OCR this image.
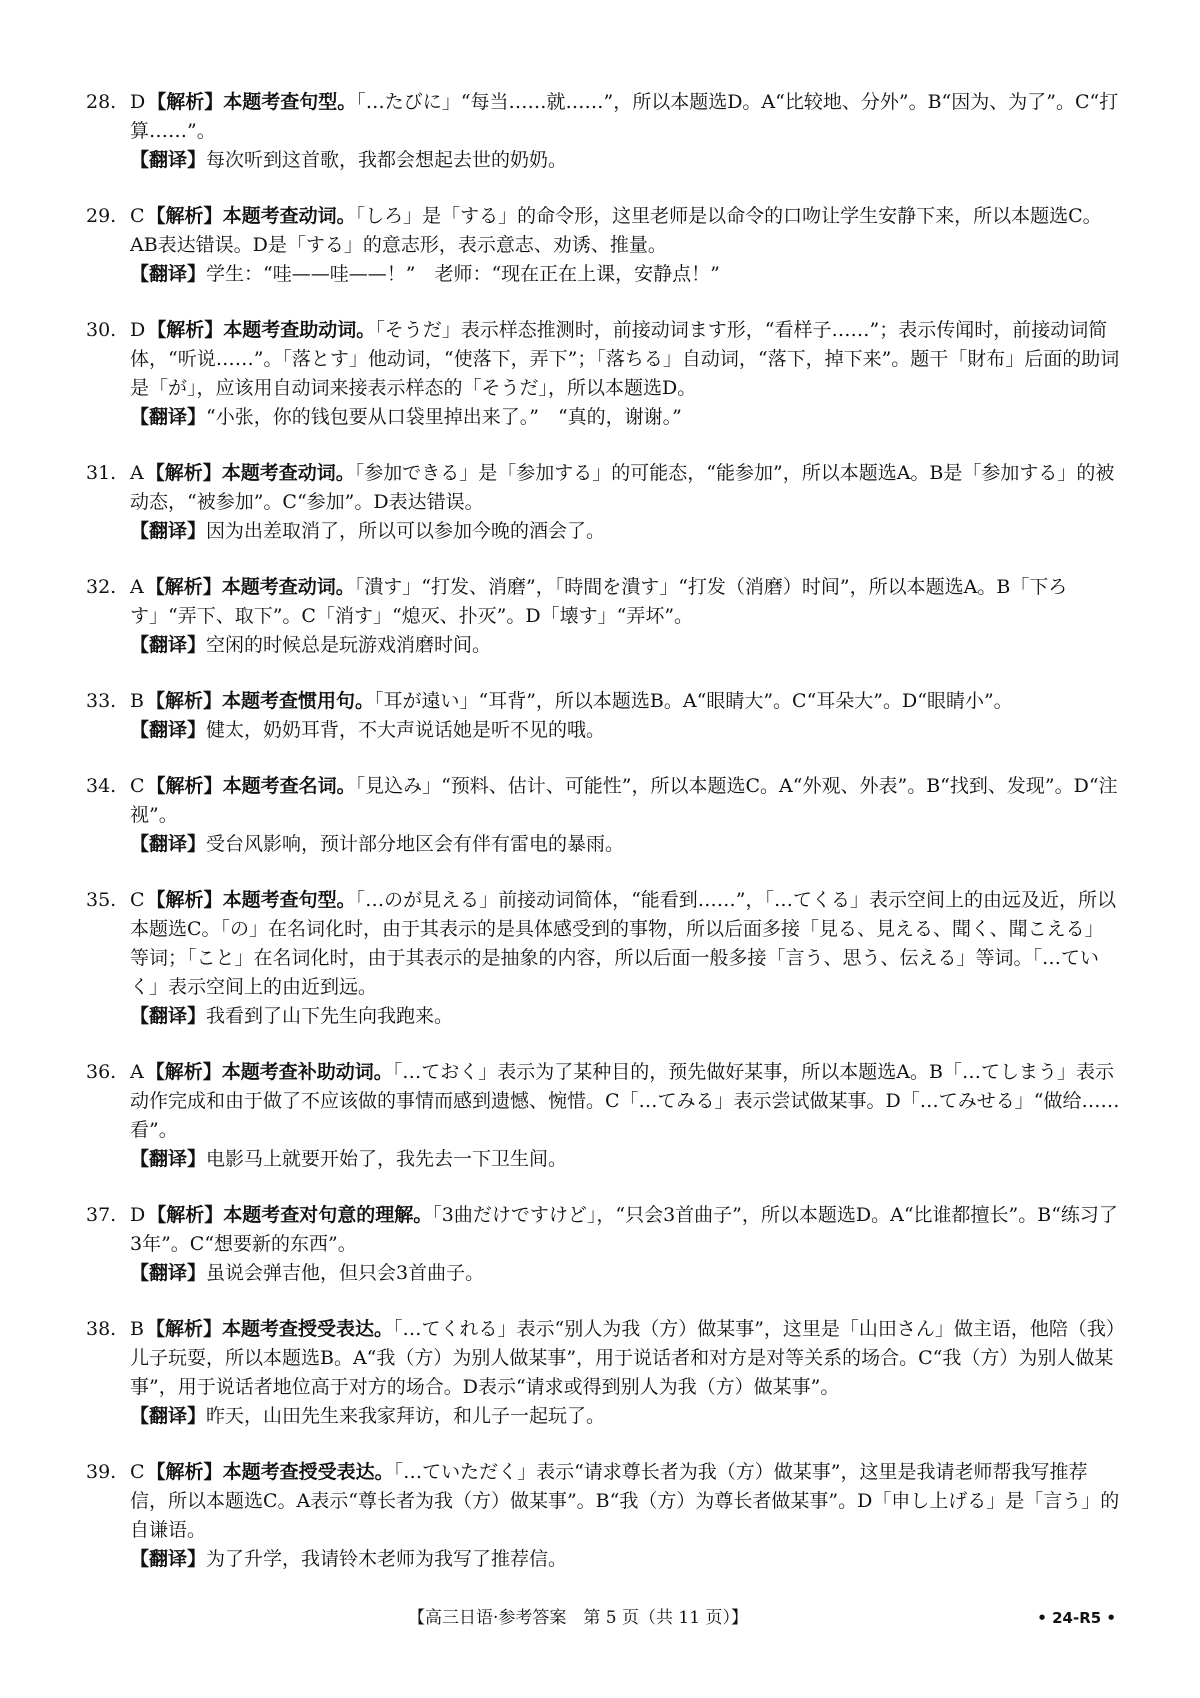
28. D 【解析】本题考查句型。「…たびに」“每当……就……”，所以本题选D。A“比较地、分外”。B“因为、为了”。C“打算……”。
【翻译】每次听到这首歌，我都会想起去世的奶奶。
29. C 【解析】本题考查动词。「しろ」是「する」的命令形，这里老师是以命令的口吻让学生安静下来，所以本题选C。AB表达错误。D是「する」的意志形，表示意志、劝诱、推量。
【翻译】学生：“哇——哇——！”　老师：“现在正在上课，安静点！”
30. D 【解析】本题考查助动词。「そうだ」表示样态推测时，前接动词ます形，“看样子……”；表示传闻时，前接动词简体，“听说……”。「落とす」他动词，“使落下，弄下”；「落ちる」自动词，“落下，掉下来”。题干「財布」后面的助词是「が」，应该用自动词来接表示样态的「そうだ」，所以本题选D。
【翻译】“小张，你的钱包要从口袋里掉出来了。”　“真的，谢谢。”
31. A 【解析】本题考查动词。「参加できる」是「参加する」的可能态，“能参加”，所以本题选A。B是「参加する」的被动态，“被参加”。C“参加”。D表达错误。
【翻译】因为出差取消了，所以可以参加今晚的酒会了。
32. A 【解析】本题考查动词。「潰す」“打发、消磨”，「時間を潰す」“打发（消磨）时间”，所以本题选A。B「下ろす」“弄下、取下”。C「消す」“熄灭、扑灭”。D「壊す」“弄坏”。
【翻译】空闲的时候总是玩游戏消磨时间。
33. B 【解析】本题考查惯用句。「耳が遠い」“耳背”，所以本题选B。A“眼睛大”。C“耳朵大”。D“眼睛小”。
【翻译】健太，奶奶耳背，不大声说话她是听不见的哦。
34. C 【解析】本题考查名词。「見込み」“预料、估计、可能性”，所以本题选C。A“外观、外表”。B“找到、发现”。D“注视”。
【翻译】受台风影响，预计部分地区会有伴有雷电的暴雨。
35. C 【解析】本题考查句型。「…のが見える」前接动词简体，“能看到……”，「…てくる」表示空间上的由远及近，所以本题选C。「の」在名词化时，由于其表示的是具体感受到的事物，所以后面多接「見る、見える、聞く、聞こえる」等词；「こと」在名词化时，由于其表示的是抽象的内容，所以后面一般多接「言う、思う、伝える」等词。「…ていく」表示空间上的由近到远。
【翻译】我看到了山下先生向我跑来。
36. A 【解析】本题考查补助动词。「…ておく」表示为了某种目的，预先做好某事，所以本题选A。B「…てしまう」表示动作完成和由于做了不应该做的事情而感到遗憾、惋惜。C「…てみる」表示尝试做某事。D「…てみせる」“做给……看”。
【翻译】电影马上就要开始了，我先去一下卫生间。
37. D 【解析】本题考查对句意的理解。「3曲だけですけど」，“只会3首曲子”，所以本题选D。A“比谁都擅长”。B“练习了3年”。C“想要新的东西”。
【翻译】虽说会弹吉他，但只会3首曲子。
38. B 【解析】本题考查授受表达。「…てくれる」表示“别人为我（方）做某事”，这里是「山田さん」做主语，他陪（我）儿子玩耍，所以本题选B。A“我（方）为别人做某事”，用于说话者和对方是对等关系的场合。C“我（方）为别人做某事”，用于说话者地位高于对方的场合。D表示“请求或得到别人为我（方）做某事”。
【翻译】昨天，山田先生来我家拜访，和儿子一起玩了。
39. C 【解析】本题考查授受表达。「…ていただく」表示“请求尊长者为我（方）做某事”，这里是我请老师帮我写推荐信，所以本题选C。A表示“尊长者为我（方）做某事”。B“我（方）为尊长者做某事”。D「申し上げる」是「言う」的自谦语。
【翻译】为了升学，我请铃木老师为我写了推荐信。
【高三日语·参考答案　第 5 页（共 11 页）】	• 24-R5 •
